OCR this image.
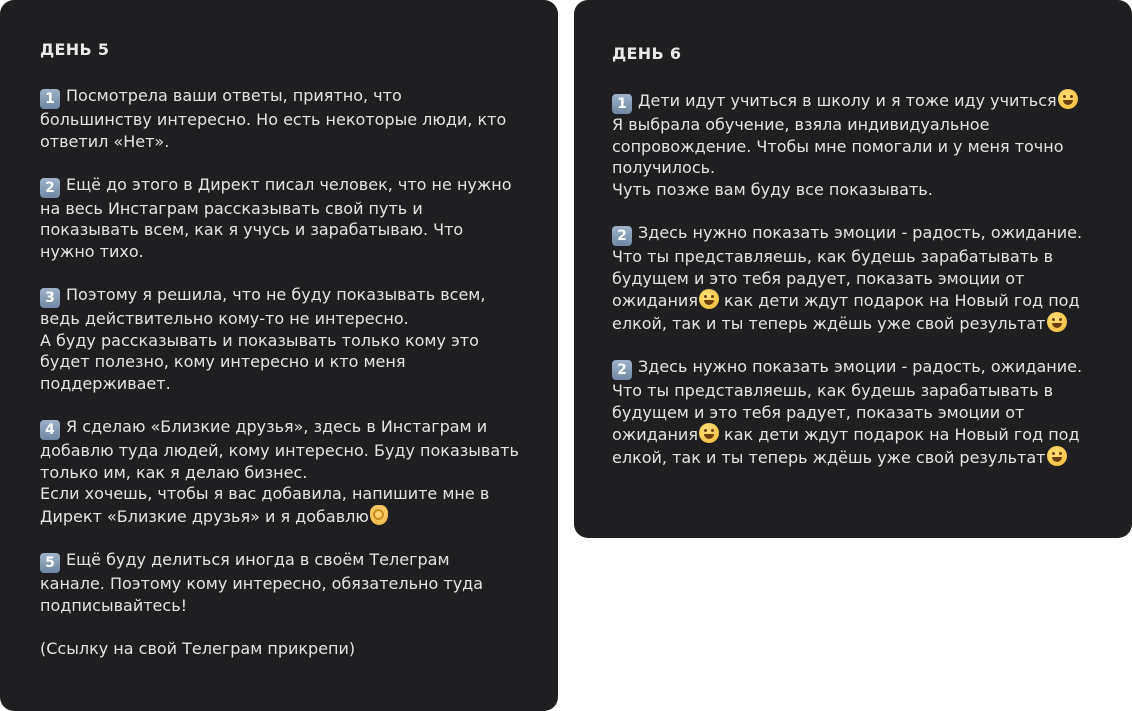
ДЕНЬ 5
1 Посмотрела ваши ответы, приятно, что
большинству интересно. Но есть некоторые люди, кто
ответил «Нет».
2 Ещё до этого в Директ писал человек, что не нужно
на весь Инстаграм рассказывать свой путь и
показывать всем, как я учусь и зарабатываю. Что
нужно тихо.
3 Поэтому я решила, что не буду показывать всем,
ведь действительно кому-то не интересно.
А буду рассказывать и показывать только кому это
будет полезно, кому интересно и кто меня
поддерживает.
4 Я сделаю «Близкие друзья», здесь в Инстаграм и
добавлю туда людей, кому интересно. Буду показывать
только им, как я делаю бизнес.
Если хочешь, чтобы я вас добавила, напишите мне в
Директ «Близкие друзья» и я добавлю
5 Ещё буду делиться иногда в своём Телеграм
канале. Поэтому кому интересно, обязательно туда
подписывайтесь!
(Ссылку на свой Телеграм прикрепи)
ДЕНЬ 6
1 Дети идут учиться в школу и я тоже иду учиться

Я выбрала обучение, взяла индивидуальное
сопровождение. Чтобы мне помогали и у меня точно
получилось.
Чуть позже вам буду все показывать.
2 Здесь нужно показать эмоции - радость, ожидание.
Что ты представляешь, как будешь зарабатывать в
будущем и это тебя радует, показать эмоции от
ожидания
как дети ждут подарок на Новый год под
елкой, так и ты теперь ждёшь уже свой результат
2 Здесь нужно показать эмоции - радость, ожидание.
Что ты представляешь, как будешь зарабатывать в
будущем и это тебя радует, показать эмоции от
ожидания
как дети ждут подарок на Новый год под
елкой, так и ты теперь ждёшь уже свой результат
